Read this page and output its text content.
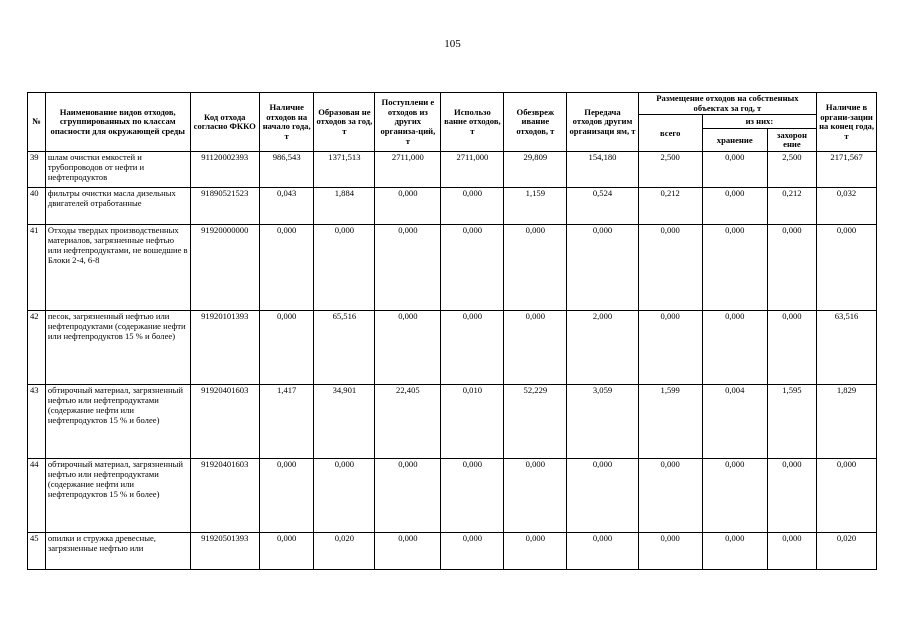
105
№	Наименование видов отходов, сгруппированных по классам опасности для окружающей среды	Код отхода согласно ФККО	Наличие отходов на начало года, т	Образован не отходов за год, т	Поступлени е отходов из других организа-ций, т	Использо вание отходов, т	Обезвреж ивание отходов, т	Передача отходов другим организаци ям, т	Размещение отходов на собственных объектах за год, т			Наличие в органи-зации на конец года, т
									всего	из них:		
										хранение	захорон ение	
39	шлам очистки емкостей и трубопроводов от нефти и нефтепродуктов	91120002393	986,543	1371,513	2711,000	2711,000	29,809	154,180	2,500	0,000	2,500	2171,567
40	фильтры очистки масла дизельных двигателей отработанные	91890521523	0,043	1,884	0,000	0,000	1,159	0,524	0,212	0,000	0,212	0,032
41	Отходы твердых производственных материалов, загрязненные нефтью или нефтепродуктами, не вошедшие в Блоки 2-4, 6-8	91920000000	0,000	0,000	0,000	0,000	0,000	0,000	0,000	0,000	0,000	0,000
42	песок, загрязненный нефтью или нефтепродуктами (содержание нефти или нефтепродуктов 15 % и более)	91920101393	0,000	65,516	0,000	0,000	0,000	2,000	0,000	0,000	0,000	63,516
43	обтирочный материал, загрязненный нефтью или нефтепродуктами (содержание нефти или нефтепродуктов 15 % и более)	91920401603	1,417	34,901	22,405	0,010	52,229	3,059	1,599	0,004	1,595	1,829
44	обтирочный материал, загрязненный нефтью или нефтепродуктами (содержание нефти или нефтепродуктов 15 % и более)	91920401603	0,000	0,000	0,000	0,000	0,000	0,000	0,000	0,000	0,000	0,000
45	опилки и стружка древесные, загрязненные нефтью или	91920501393	0,000	0,020	0,000	0,000	0,000	0,000	0,000	0,000	0,000	0,020
